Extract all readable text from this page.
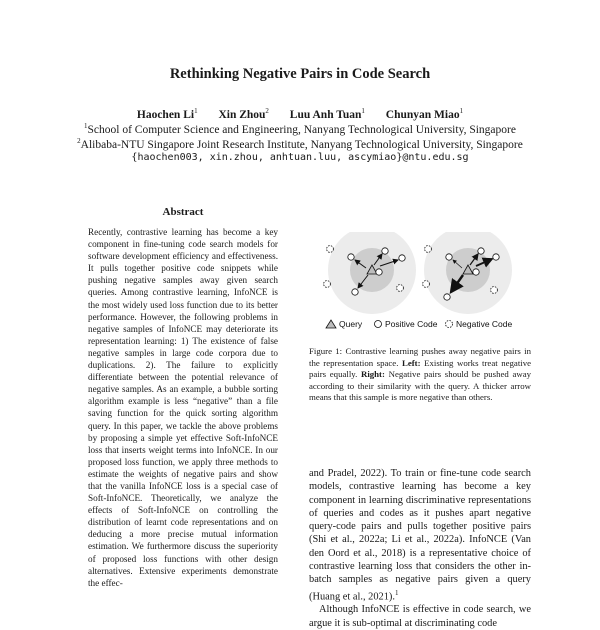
Rethinking Negative Pairs in Code Search
Haochen Li$^1$ Xin Zhou$^2$ Luu Anh Tuan$^1$ Chunyan Miao$^1$
$^1$School of Computer Science and Engineering, Nanyang Technological University, Singapore
$^2$Alibaba-NTU Singapore Joint Research Institute, Nanyang Technological University, Singapore
{haochen003, xin.zhou, anhtuan.luu, ascymiao}@ntu.edu.sg
Abstract
Recently, contrastive learning has become a key component in fine-tuning code search models for software development efficiency and effectiveness. It pulls together positive code snippets while pushing negative samples away given search queries. Among contrastive learning, InfoNCE is the most widely used loss function due to its better performance. However, the following problems in negative samples of InfoNCE may deteriorate its representation learning: 1) The existence of false negative samples in large code corpora due to duplications. 2). The failure to explicitly differentiate between the potential relevance of negative samples. As an example, a bubble sorting algorithm example is less “negative” than a file saving function for the quick sorting algorithm query. In this paper, we tackle the above problems by proposing a simple yet effective Soft-InfoNCE loss that inserts weight terms into InfoNCE. In our proposed loss function, we apply three methods to estimate the weights of negative pairs and show that the vanilla InfoNCE loss is a special case of Soft-InfoNCE. Theoretically, we analyze the effects of Soft-InfoNCE on controlling the distribution of learnt code representations and on deducing a more precise mutual information estimation. We furthermore discuss the superiority of proposed loss functions with other design alternatives. Extensive experiments demonstrate the effec-
Query	Positive Code Negative Code
Figure 1: Contrastive learning pushes away negative pairs in the representation space. Left: Existing works treat negative pairs equally. Right: Negative pairs should be pushed away according to their similarity with the query. A thicker arrow means that this sample is more negative than others.

and Pradel, 2022). To train or fine-tune code search models, contrastive learning has become a key component in learning discriminative representations of queries and codes as it pushes apart negative query-code pairs and pulls together positive pairs (Shi et al., 2022a; Li et al., 2022a). InfoNCE (Van den Oord et al., 2018) is a representative choice of contrastive learning loss that considers the other in-batch samples as negative pairs given a query (Huang et al., 2021).$^1$

Although InfoNCE is effective in code search, we argue it is sub-optimal at discriminating code
